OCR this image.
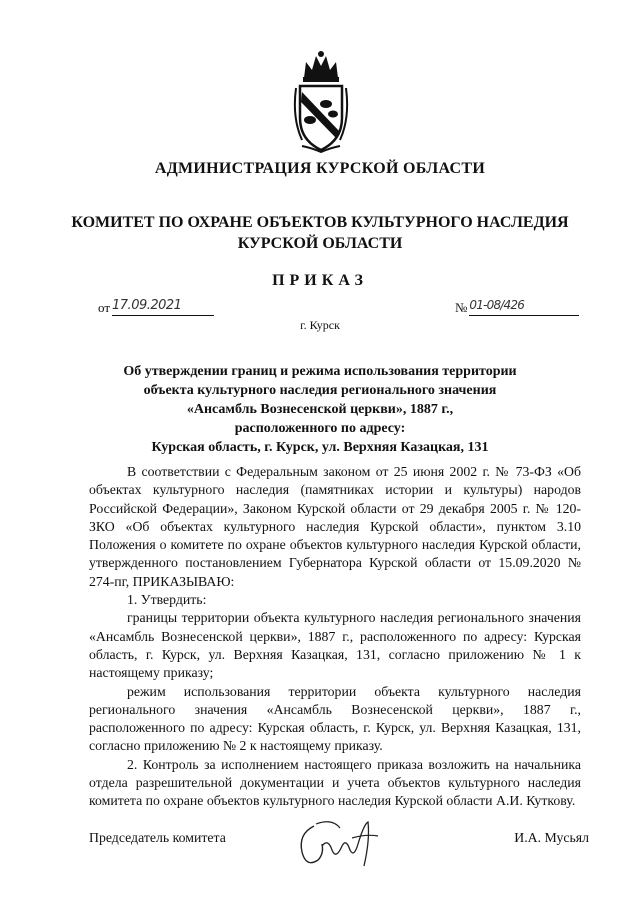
АДМИНИСТРАЦИЯ КУРСКОЙ ОБЛАСТИ
КОМИТЕТ ПО ОХРАНЕ ОБЪЕКТОВ КУЛЬТУРНОГО НАСЛЕДИЯ
КУРСКОЙ ОБЛАСТИ
ПРИКАЗ
от 17.09.2021	№ 01-08/426
г. Курск
Об утверждении границ и режима использования территории
объекта культурного наследия регионального значения
«Ансамбль Вознесенской церкви», 1887 г.,
расположенного по адресу:
Курская область, г. Курск, ул. Верхняя Казацкая, 131

В соответствии с Федеральным законом от 25 июня 2002 г. № 73-ФЗ «Об объектах культурного наследия (памятниках истории и культуры) народов Российской Федерации», Законом Курской области от 29 декабря 2005 г. № 120-ЗКО «Об объектах культурного наследия Курской области», пунктом 3.10 Положения о комитете по охране объектов культурного наследия Курской области, утвержденного постановлением Губернатора Курской области от 15.09.2020 № 274-пг, ПРИКАЗЫВАЮ:

1. Утвердить:

границы территории объекта культурного наследия регионального значения «Ансамбль Вознесенской церкви», 1887 г., расположенного по адресу: Курская область, г. Курск, ул. Верхняя Казацкая, 131, согласно приложению № 1 к настоящему приказу;

режим использования территории объекта культурного наследия регионального значения «Ансамбль Вознесенской церкви», 1887 г., расположенного по адресу: Курская область, г. Курск, ул. Верхняя Казацкая, 131, согласно приложению № 2 к настоящему приказу.

2. Контроль за исполнением настоящего приказа возложить на начальника отдела разрешительной документации и учета объектов культурного наследия комитета по охране объектов культурного наследия Курской области А.И. Куткову.

Председатель комитета	И.А. Мусьял
